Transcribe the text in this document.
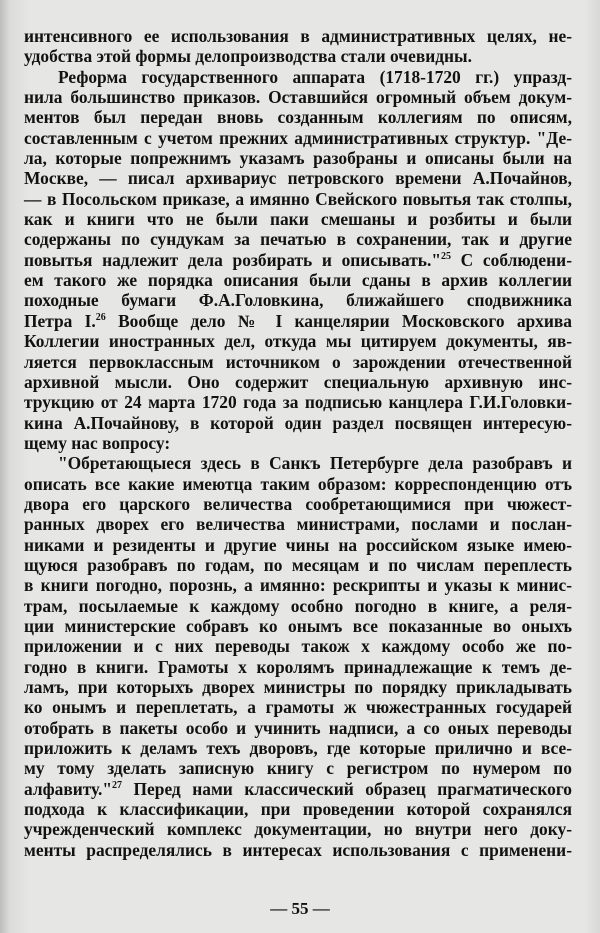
интенсивного ее использования в административных целях, не-
удобства этой формы делопроизводства стали очевидны.
Реформа государственного аппарата (1718-1720 гг.) упразд-
нила большинство приказов. Оставшийся огромный объем докум-
ментов был передан вновь созданным коллегиям по описям,
составленным с учетом прежних административных структур. "Де-
ла, которые попрежнимъ указамъ разобраны и описаны были на
Москве, — писал архивариус петровского времени А.Почайнов,
— в Посольском приказе, а имянно Свейского повытья так столпы,
как и книги что не были паки смешаны и розбиты и были
содержаны по сундукам за печатью в сохранении, так и другие
повытья надлежит дела розбирать и описывать."$^{25}$ С соблюдени-
ем такого же порядка описания были сданы в архив коллегии
походные бумаги Ф.А.Головкина, ближайшего сподвижника
Петра I.$^{26}$ Вообще дело № I канцелярии Московского архива
Коллегии иностранных дел, откуда мы цитируем документы, яв-
ляется первоклассным источником о зарождении отечественной
архивной мысли. Оно содержит специальную архивную инс-
трукцию от 24 марта 1720 года за подписью канцлера Г.И.Головки-
кина А.Почайнову, в которой один раздел посвящен интересую-
щему нас вопросу:
"Обретающыеся здесь в Санкъ Петербурге дела разобравъ и
описать все какие имеютца таким образом: корреспонденцию отъ
двора его царского величества сообретающимися при чюжест-
ранных дворех его величества министрами, послами и послан-
никами и резиденты и другие чины на российском языке имею-
щуюся разобравъ по годам, по месяцам и по числам переплесть
в книги погодно, порознь, а имянно: рескрипты и указы к минис-
трам, посылаемые к каждому особно погодно в книге, а реля-
ции министерские собравъ ко онымъ все показанные во оныхъ
приложении и с них переводы також х каждому особо же по-
годно в книги. Грамоты х королямъ принадлежащие к темъ де-
ламъ, при которыхъ дворех министры по порядку прикладывать
ко онымъ и переплетать, а грамоты ж чюжестранных государей
отобрать в пакеты особо и учинить надписи, а со оных переводы
приложить к деламъ техъ дворовъ, где которые прилично и все-
му тому зделать записную книгу с регистром по нумером по
алфавиту."$^{27}$ Перед нами классический образец прагматического
подхода к классификации, при проведении которой сохранялся
учрежденческий комплекс документации, но внутри него доку-
менты распределялись в интересах использования с применени-
— 55 —
